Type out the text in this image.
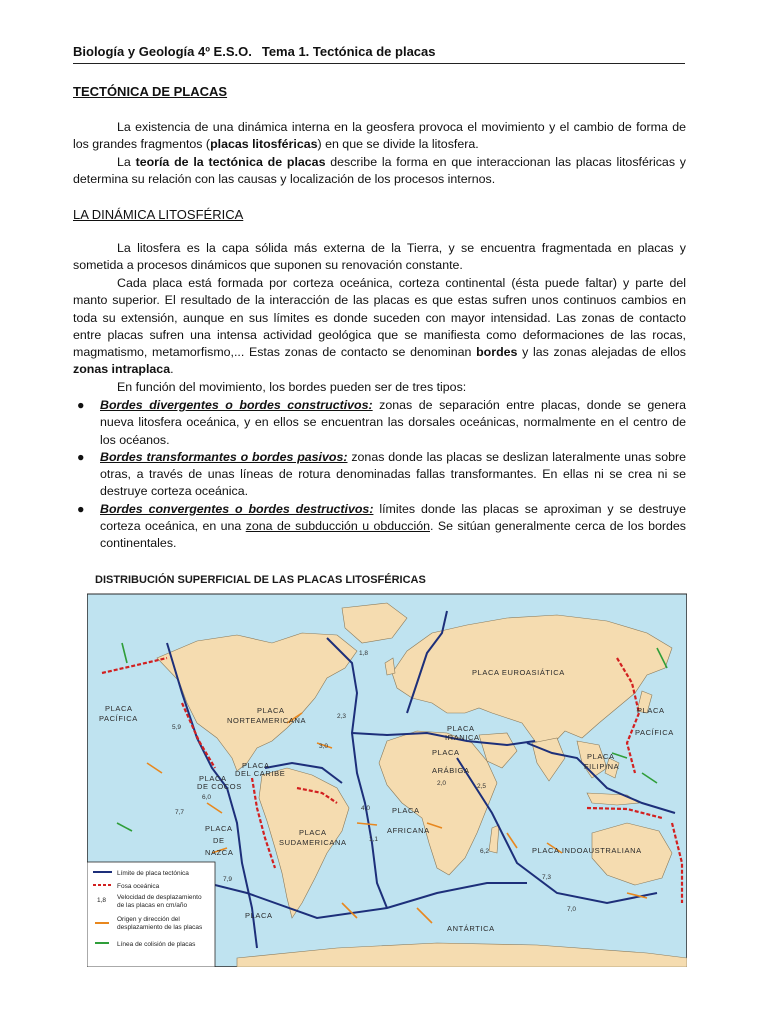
Biología y Geología 4º E.S.O. Tema 1. Tectónica de placas
TECTÓNICA DE PLACAS
La existencia de una dinámica interna en la geosfera provoca el movimiento y el cambio de forma de los grandes fragmentos (placas litosféricas) en que se divide la litosfera.
La teoría de la tectónica de placas describe la forma en que interaccionan las placas litosféricas y determina su relación con las causas y localización de los procesos internos.
LA DINÁMICA LITOSFÉRICA
La litosfera es la capa sólida más externa de la Tierra, y se encuentra fragmentada en placas y sometida a procesos dinámicos que suponen su renovación constante.
Cada placa está formada por corteza oceánica, corteza continental (ésta puede faltar) y parte del manto superior. El resultado de la interacción de las placas es que estas sufren unos continuos cambios en toda su extensión, aunque en sus límites es donde suceden con mayor intensidad. Las zonas de contacto entre placas sufren una intensa actividad geológica que se manifiesta como deformaciones de las rocas, magmatismo, metamorfismo,... Estas zonas de contacto se denominan bordes y las zonas alejadas de ellos zonas intraplaca.
En función del movimiento, los bordes pueden ser de tres tipos:
● Bordes divergentes o bordes constructivos: zonas de separación entre placas, donde se genera nueva litosfera oceánica, y en ellos se encuentran las dorsales oceánicas, normalmente en el centro de los océanos.
● Bordes transformantes o bordes pasivos: zonas donde las placas se deslizan lateralmente unas sobre otras, a través de unas líneas de rotura denominadas fallas transformantes. En ellas ni se crea ni se destruye corteza oceánica.
● Bordes convergentes o bordes destructivos: límites donde las placas se aproximan y se destruye corteza oceánica, en una zona de subducción u obducción. Se sitúan generalmente cerca de los bordes continentales.
DISTRIBUCIÓN SUPERFICIAL DE LAS PLACAS LITOSFÉRICAS
PLACA
PACÍFICA
PLACA
NORTEAMERICANA
PLACA EUROASIÁTICA
PLACA
PACÍFICA
PLACA
DEL CARIBE
PLACA
DE COCOS
PLACA
DE
NAZCA
PLACA
SUDAMERICANA
PLACA
AFRICANA
PLACA
IRANICA
PLACA
ARÁBIGA
PLACA
FILIPINA
PLACA INDOAUSTRALIANA
ANTÁRTICA
PLACA
1,8
2,3
3,0
5,9
7,7
6,0
7,9
4,0
1,1
2,0	2,5
6,2
7,3
7,0
Límite de placa tectónica
Fosa oceánica
1,8 Velocidad de desplazamiento
de las placas en cm/año
Origen y dirección del
desplazamiento de las placas
Línea de colisión de placas
